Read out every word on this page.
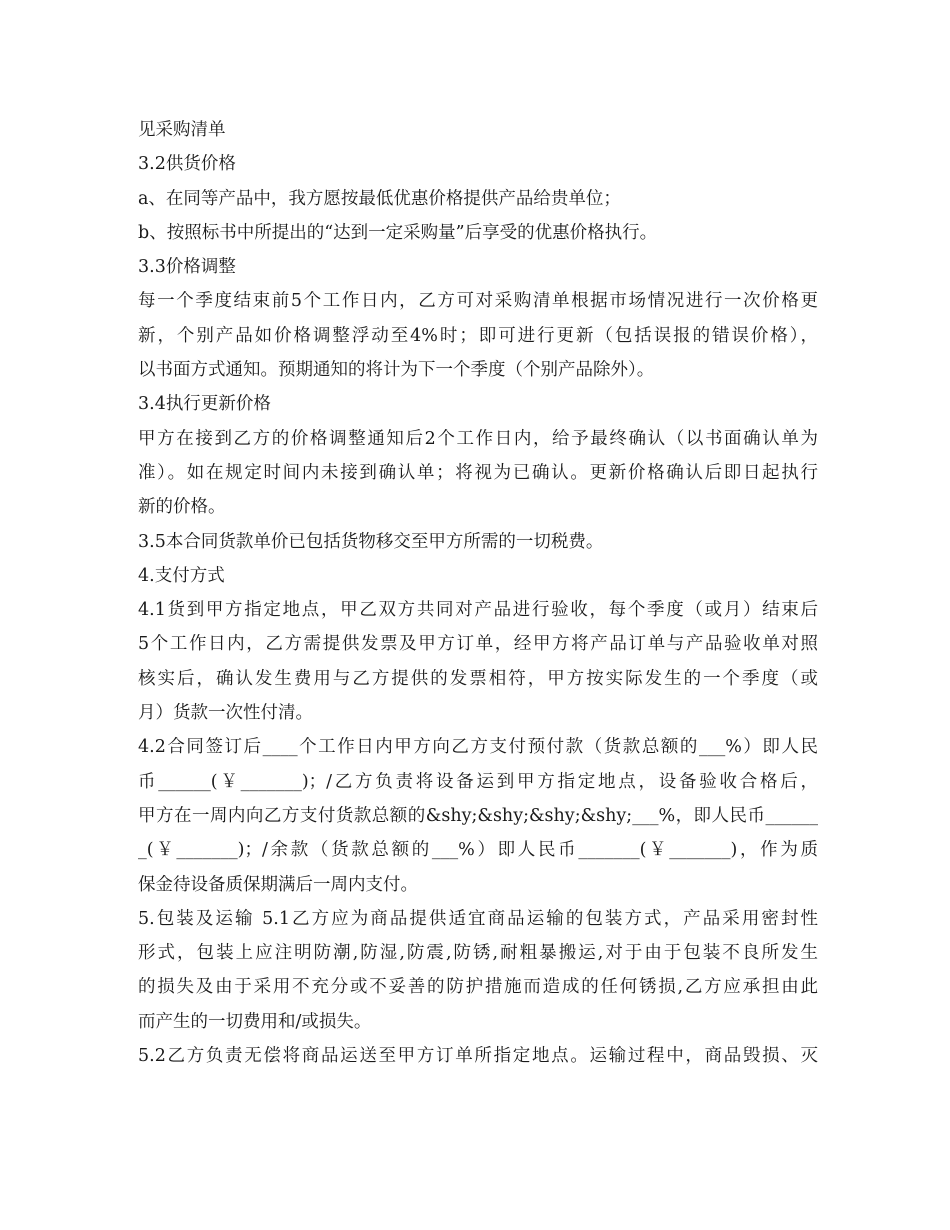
见采购清单
3.2供货价格
a、在同等产品中，我方愿按最低优惠价格提供产品给贵单位；
b、按照标书中所提出的“达到一定采购量”后享受的优惠价格执行。
3.3价格调整
每一个季度结束前5个工作日内，乙方可对采购清单根据市场情况进行一次价格更
新，个别产品如价格调整浮动至4%时；即可进行更新（包括误报的错误价格），
以书面方式通知。预期通知的将计为下一个季度（个别产品除外）。
3.4执行更新价格
甲方在接到乙方的价格调整通知后2个工作日内，给予最终确认（以书面确认单为
准）。如在规定时间内未接到确认单；将视为已确认。更新价格确认后即日起执行
新的价格。
3.5本合同货款单价已包括货物移交至甲方所需的一切税费。
4.支付方式
4.1货到甲方指定地点，甲乙双方共同对产品进行验收，每个季度（或月）结束后
5个工作日内，乙方需提供发票及甲方订单，经甲方将产品订单与产品验收单对照
核实后，确认发生费用与乙方提供的发票相符，甲方按实际发生的一个季度（或
月）货款一次性付清。
4.2合同签订后____个工作日内甲方向乙方支付预付款（货款总额的___%）即人民
币______(￥_______)；/乙方负责将设备运到甲方指定地点，设备验收合格后，
甲方在一周内向乙方支付货款总额的&shy;&shy;&shy;&shy;___%，即人民币______
_(￥_______)；/余款（货款总额的___%）即人民币_______(￥_______)，作为质
保金待设备质保期满后一周内支付。
5.包装及运输 5.1乙方应为商品提供适宜商品运输的包装方式，产品采用密封性
形式，包装上应注明防潮,防湿,防震,防锈,耐粗暴搬运,对于由于包装不良所发生
的损失及由于采用不充分或不妥善的防护措施而造成的任何锈损,乙方应承担由此
而产生的一切费用和/或损失。
5.2乙方负责无偿将商品运送至甲方订单所指定地点。运输过程中，商品毁损、灭
